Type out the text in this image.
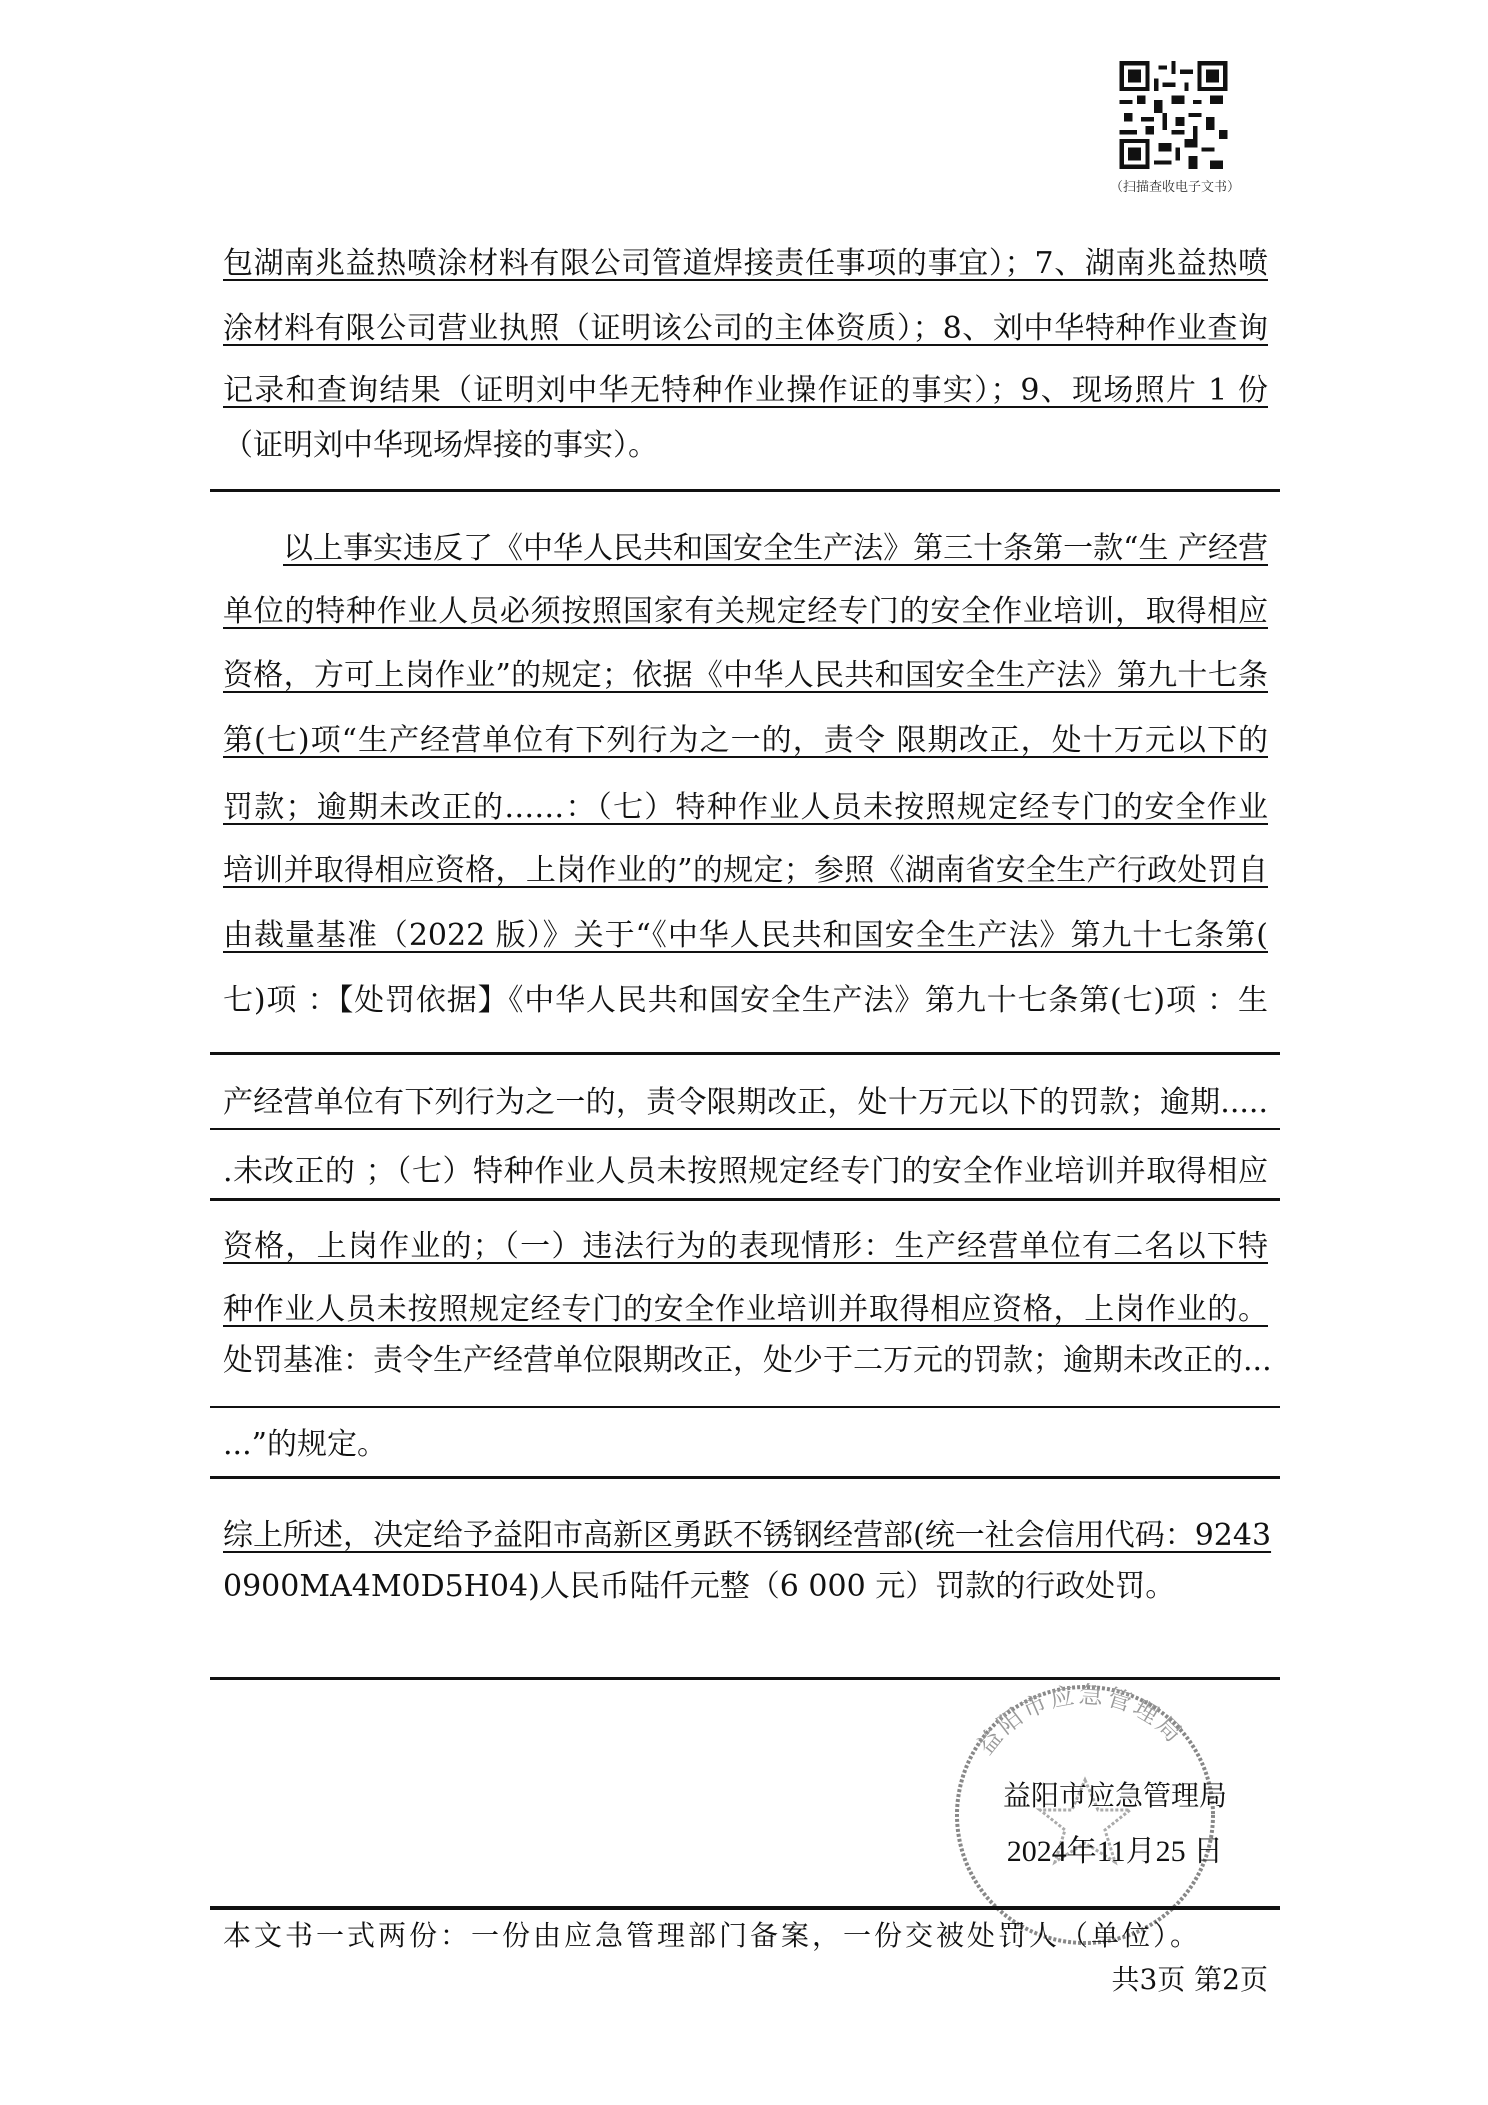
（扫描查收电子文书）
包湖南兆益热喷涂材料有限公司管道焊接责任事项的事宜）；7、湖南兆益热喷
涂材料有限公司营业执照（证明该公司的主体资质）；8、刘中华特种作业查询
记录和查询结果（证明刘中华无特种作业操作证的事实）；9、现场照片 1 份
（证明刘中华现场焊接的事实）。
以上事实违反了《中华人民共和国安全生产法》第三十条第一款“生 产经营
单位的特种作业人员必须按照国家有关规定经专门的安全作业培训，取得相应
资格，方可上岗作业”的规定；依据《中华人民共和国安全生产法》第九十七条
第(七)项“生产经营单位有下列行为之一的，责令 限期改正，处十万元以下的
罚款；逾期未改正的……：（七）特种作业人员未按照规定经专门的安全作业
培训并取得相应资格，上岗作业的”的规定；参照《湖南省安全生产行政处罚自
由裁量基准（2022 版）》关于“《中华人民共和国安全生产法》第九十七条第(
七)项 ：【处罚依据】《中华人民共和国安全生产法》第九十七条第(七)项 ：生
产经营单位有下列行为之一的，责令限期改正，处十万元以下的罚款；逾期.....
.未改正的 ；（七）特种作业人员未按照规定经专门的安全作业培训并取得相应
资格，上岗作业的；（一）违法行为的表现情形：生产经营单位有二名以下特
种作业人员未按照规定经专门的安全作业培训并取得相应资格，上岗作业的。
处罚基准：责令生产经营单位限期改正，处少于二万元的罚款；逾期未改正的...
...”的规定。
综上所述，决定给予益阳市高新区勇跃不锈钢经营部(统一社会信用代码：9243
0900MA4M0D5H04)人民币陆仟元整（6 000 元）罚款的行政处罚。
益阳市应急管理局
益阳市应急管理局
2024年11月25 日
本文书一式两份：一份由应急管理部门备案，一份交被处罚人（单位）。
共3页 第2页
